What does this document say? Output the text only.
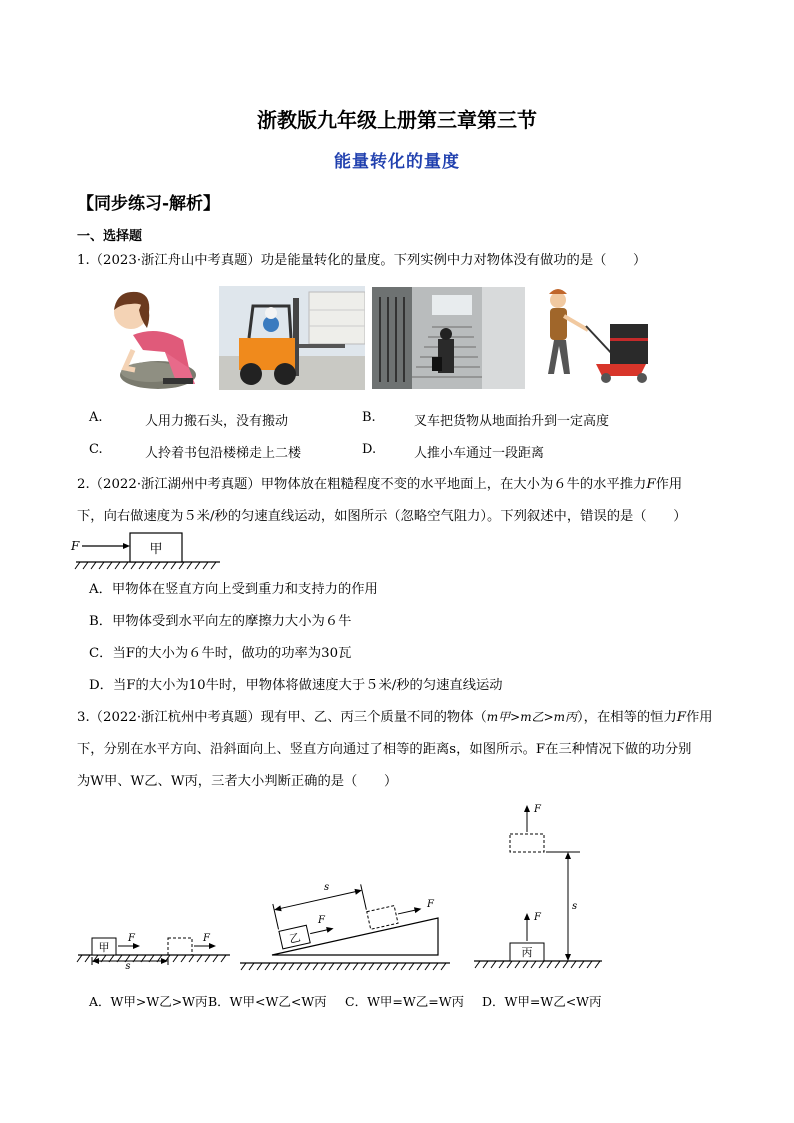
浙教版九年级上册第三章第三节
能量转化的量度
【同步练习-解析】
一、选择题
1.（2023·浙江舟山中考真题）功是能量转化的量度。下列实例中力对物体没有做功的是（　　）
A.	人用力搬石头，没有搬动	B.	叉车把货物从地面抬升到一定高度
C.	人拎着书包沿楼梯走上二楼	D.	人推小车通过一段距离
2.（2022·浙江湖州中考真题）甲物体放在粗糙程度不变的水平地面上，在大小为６牛的水平推力F作用
下，向右做速度为５米/秒的匀速直线运动，如图所示（忽略空气阻力）。下列叙述中，错误的是（　　）
甲
F
A．甲物体在竖直方向上受到重力和支持力的作用
B．甲物体受到水平向左的摩擦力大小为６牛
C．当F的大小为６牛时，做功的功率为30瓦
D．当F的大小为10牛时，甲物体将做速度大于５米/秒的匀速直线运动
3.（2022·浙江杭州中考真题）现有甲、乙、丙三个质量不同的物体（m甲>m乙>m丙），在相等的恒力F作用
下，分别在水平方向、沿斜面向上、竖直方向通过了相等的距离s，如图所示。F在三种情况下做的功分别
为W甲、W乙、W丙，三者大小判断正确的是（　　）
甲
F	F
s
乙
F
F
s
丙
F
F
s
A．W甲>W乙>W丙 B．W甲<W乙<W丙	C．W甲=W乙=W丙	D．W甲=W乙<W丙
